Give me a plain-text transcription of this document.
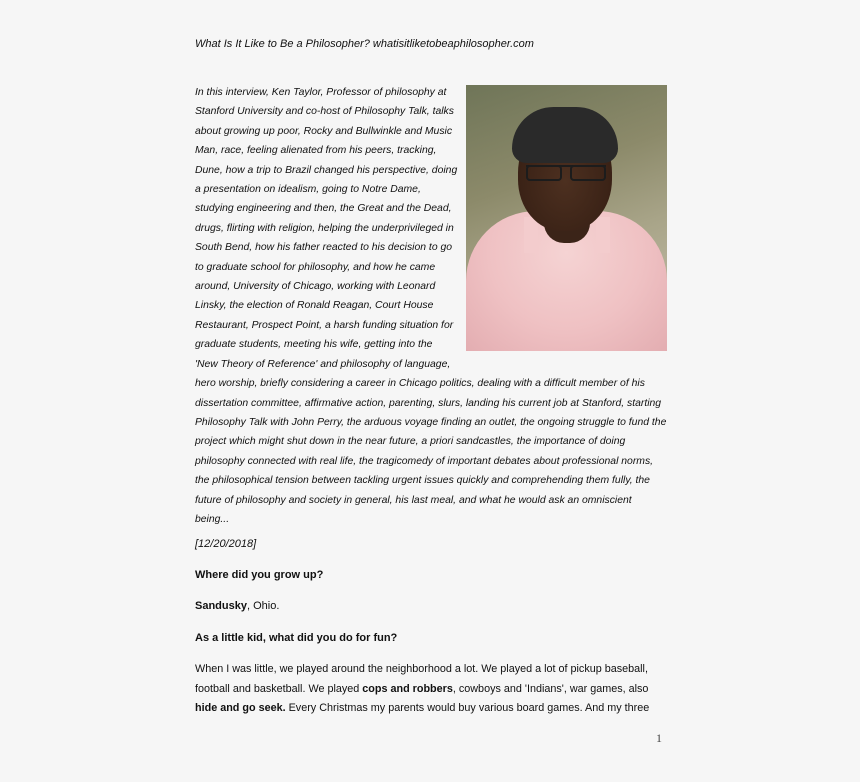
What Is It Like to Be a Philosopher? whatisitliketobeaphilosopher.com
In this interview, Ken Taylor, Professor of philosophy at Stanford University and co-host of Philosophy Talk, talks about growing up poor, Rocky and Bullwinkle and Music Man, race, feeling alienated from his peers, tracking, Dune, how a trip to Brazil changed his perspective, doing a presentation on idealism, going to Notre Dame, studying engineering and then, the Great and the Dead, drugs, flirting with religion, helping the underprivileged in South Bend, how his father reacted to his decision to go to graduate school for philosophy, and how he came around, University of Chicago, working with Leonard Linsky, the election of Ronald Reagan, Court House Restaurant, Prospect Point, a harsh funding situation for graduate students, meeting his wife, getting into the 'New Theory of Reference' and philosophy of language, hero worship, briefly considering a career in Chicago politics, dealing with a difficult member of his dissertation committee, affirmative action, parenting, slurs, landing his current job at Stanford, starting Philosophy Talk with John Perry, the arduous voyage finding an outlet, the ongoing struggle to fund the project which might shut down in the near future, a priori sandcastles, the importance of doing philosophy connected with real life, the tragicomedy of important debates about professional norms, the philosophical tension between tackling urgent issues quickly and comprehending them fully, the future of philosophy and society in general, his last meal, and what he would ask an omniscient being...
[12/20/2018]
Where did you grow up?
Sandusky, Ohio.
As a little kid, what did you do for fun?
When I was little, we played around the neighborhood a lot. We played a lot of pickup baseball, football and basketball. We played cops and robbers, cowboys and 'Indians', war games, also hide and go seek. Every Christmas my parents would buy various board games. And my three
1
